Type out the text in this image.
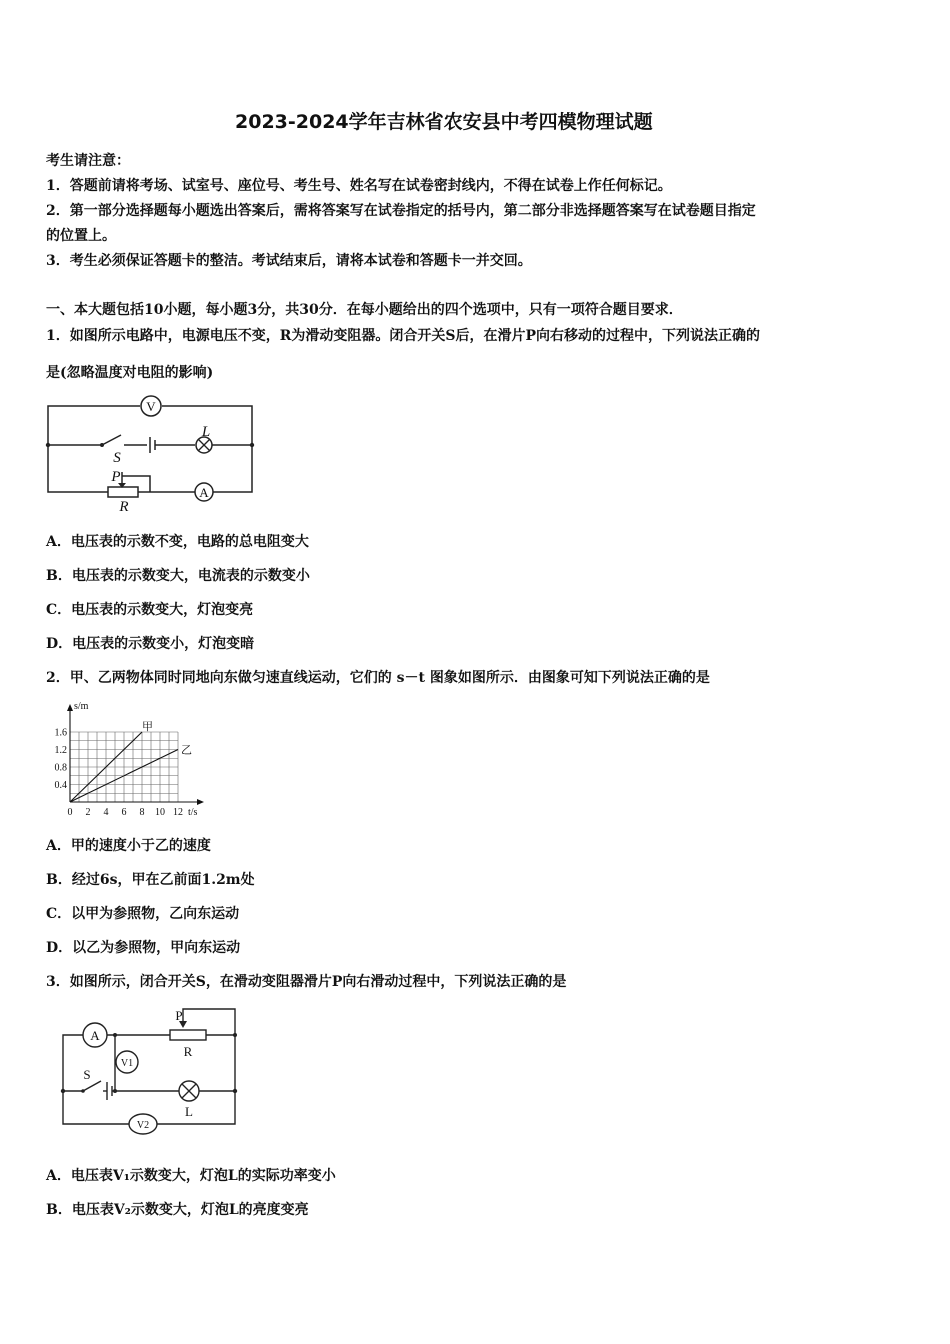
2023-2024学年吉林省农安县中考四模物理试题
考生请注意：
1．答题前请将考场、试室号、座位号、考生号、姓名写在试卷密封线内，不得在试卷上作任何标记。
2．第一部分选择题每小题选出答案后，需将答案写在试卷指定的括号内，第二部分非选择题答案写在试卷题目指定
的位置上。
3．考生必须保证答题卡的整洁。考试结束后，请将本试卷和答题卡一并交回。
一、本大题包括10小题，每小题3分，共30分．在每小题给出的四个选项中，只有一项符合题目要求．
1．如图所示电路中，电源电压不变，R为滑动变阻器。闭合开关S后，在滑片P向右移动的过程中，下列说法正确的
是(忽略温度对电阻的影响)
V
L
S
P
R
A
A．电压表的示数不变，电路的总电阻变大
B．电压表的示数变大，电流表的示数变小
C．电压表的示数变大，灯泡变亮
D．电压表的示数变小，灯泡变暗
2．甲、乙两物体同时同地向东做匀速直线运动，它们的 s－t 图象如图所示．由图象可知下列说法正确的是
甲
乙
0 2 4 6 8 10 12
0.4
0.8
1.2
1.6
t/s
s/m
A．甲的速度小于乙的速度
B．经过6s，甲在乙前面1.2m处
C．以甲为参照物，乙向东运动
D．以乙为参照物，甲向东运动
3．如图所示，闭合开关S，在滑动变阻器滑片P向右滑动过程中，下列说法正确的是
A
P
R
V1
S
L
V2
A．电压表V₁示数变大，灯泡L的实际功率变小
B．电压表V₂示数变大，灯泡L的亮度变亮
